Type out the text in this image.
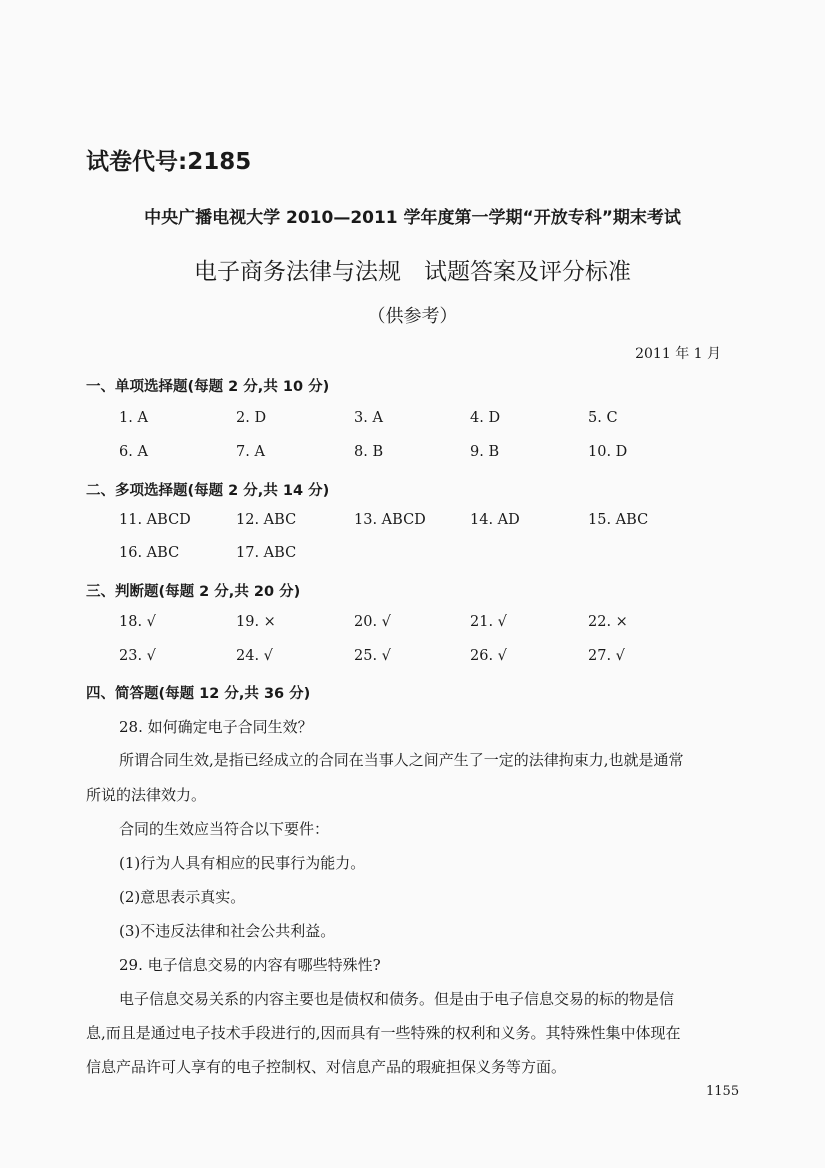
试卷代号:2185
中央广播电视大学 2010—2011 学年度第一学期“开放专科”期末考试
电子商务法律与法规　试题答案及评分标准
（供参考）
2011 年 1 月
一、单项选择题(每题 2 分,共 10 分)
1. A	2. D	3. A	4. D	5. C
6. A	7. A	8. B	9. B	10. D
二、多项选择题(每题 2 分,共 14 分)
11. ABCD	12. ABC	13. ABCD	14. AD	15. ABC
16. ABC	17. ABC
三、判断题(每题 2 分,共 20 分)
18. √	19. ×	20. √	21. √	22. ×
23. √	24. √	25. √	26. √	27. √
四、简答题(每题 12 分,共 36 分)
28. 如何确定电子合同生效？
所谓合同生效,是指已经成立的合同在当事人之间产生了一定的法律拘束力,也就是通常
所说的法律效力。
合同的生效应当符合以下要件：
(1)行为人具有相应的民事行为能力。
(2)意思表示真实。
(3)不违反法律和社会公共利益。
29. 电子信息交易的内容有哪些特殊性?
电子信息交易关系的内容主要也是债权和债务。但是由于电子信息交易的标的物是信
息,而且是通过电子技术手段进行的,因而具有一些特殊的权利和义务。其特殊性集中体现在
信息产品许可人享有的电子控制权、对信息产品的瑕疵担保义务等方面。
1155
